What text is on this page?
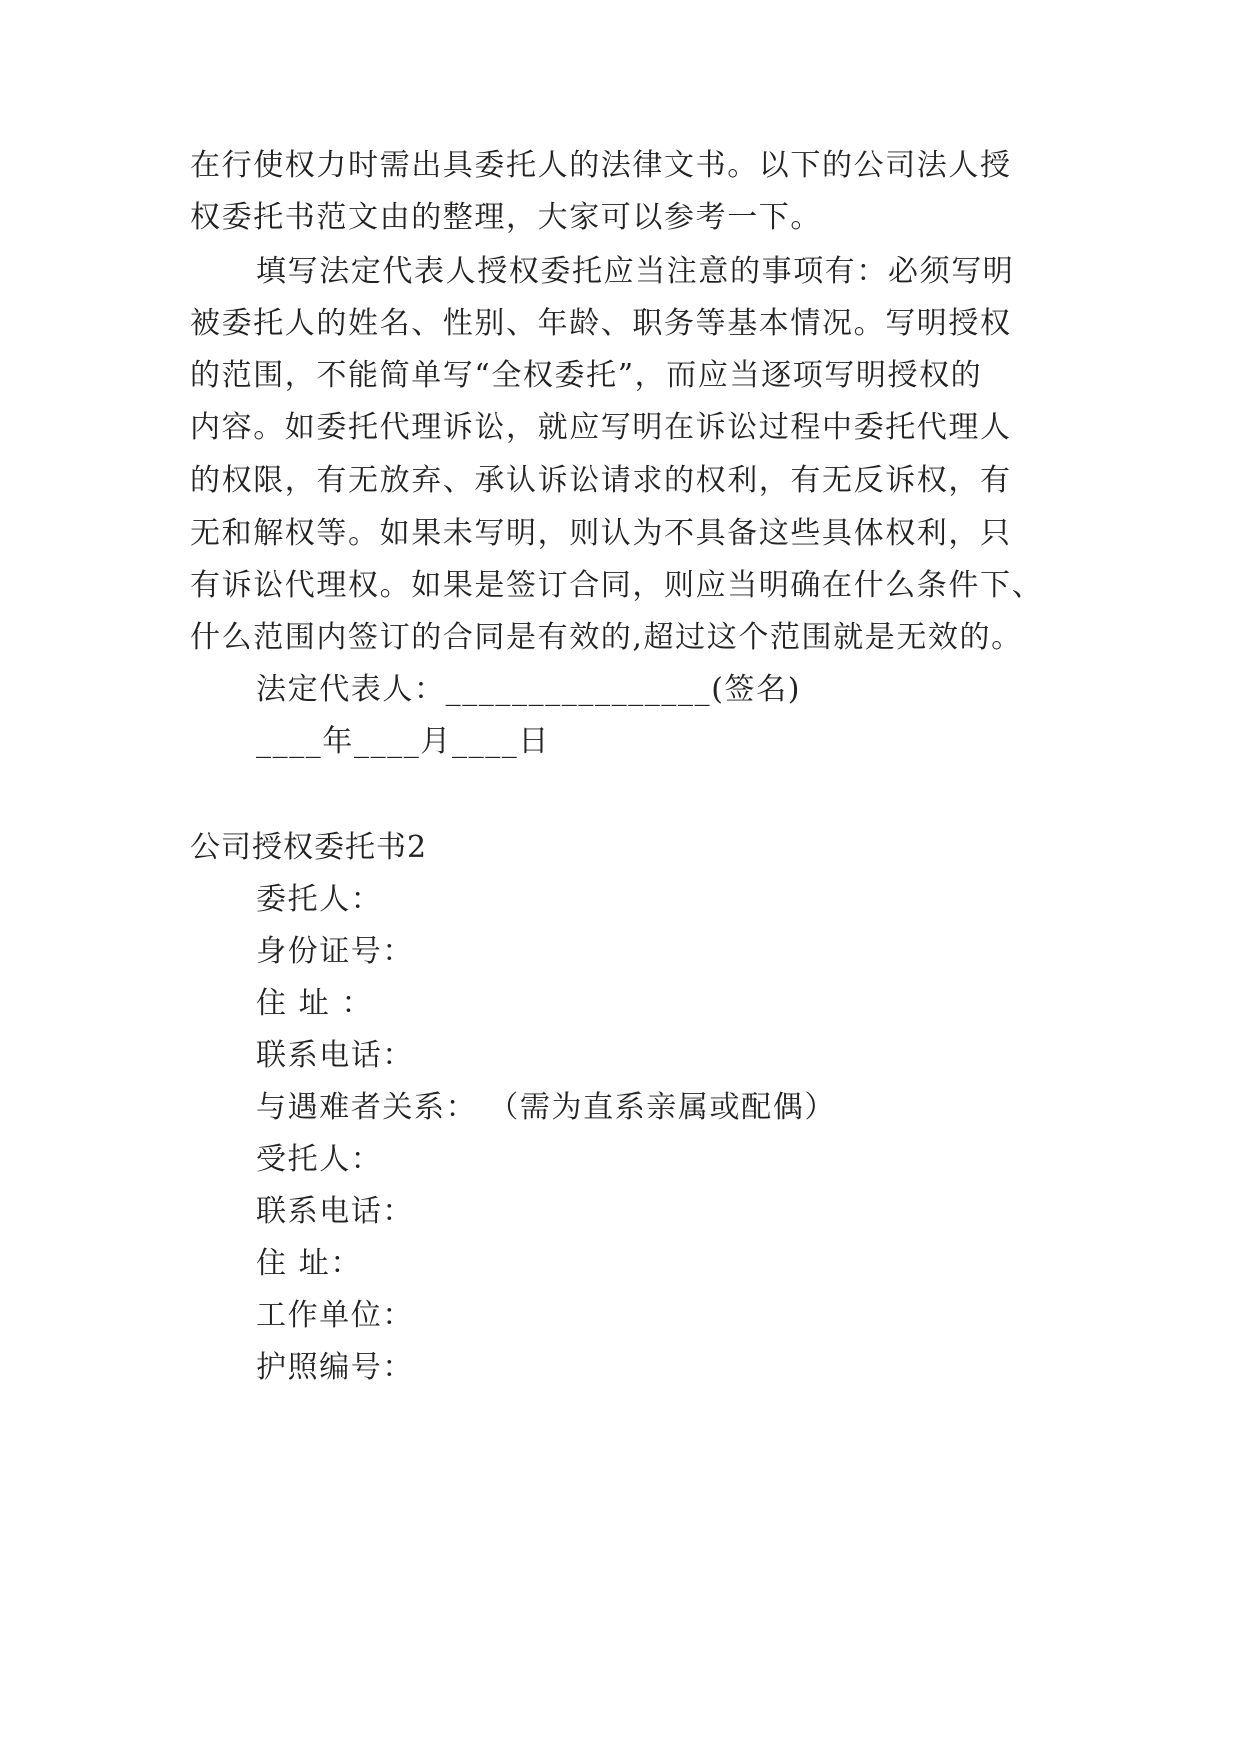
在行使权力时需出具委托人的法律文书。以下的公司法人授
权委托书范文由的整理，大家可以参考一下。
填写法定代表人授权委托应当注意的事项有：必须写明
被委托人的姓名、性别、年龄、职务等基本情况。写明授权
的范围，不能简单写“全权委托”，而应当逐项写明授权的
内容。如委托代理诉讼，就应写明在诉讼过程中委托代理人
的权限，有无放弃、承认诉讼请求的权利，有无反诉权，有
无和解权等。如果未写明，则认为不具备这些具体权利，只
有诉讼代理权。如果是签订合同，则应当明确在什么条件下、
什么范围内签订的合同是有效的,超过这个范围就是无效的。
法定代表人：________________(签名)
____年____月____日
公司授权委托书2
委托人：
身份证号：
住 址 ：
联系电话：
与遇难者关系： （需为直系亲属或配偶）
受托人：
联系电话：
住 址：
工作单位：
护照编号：
